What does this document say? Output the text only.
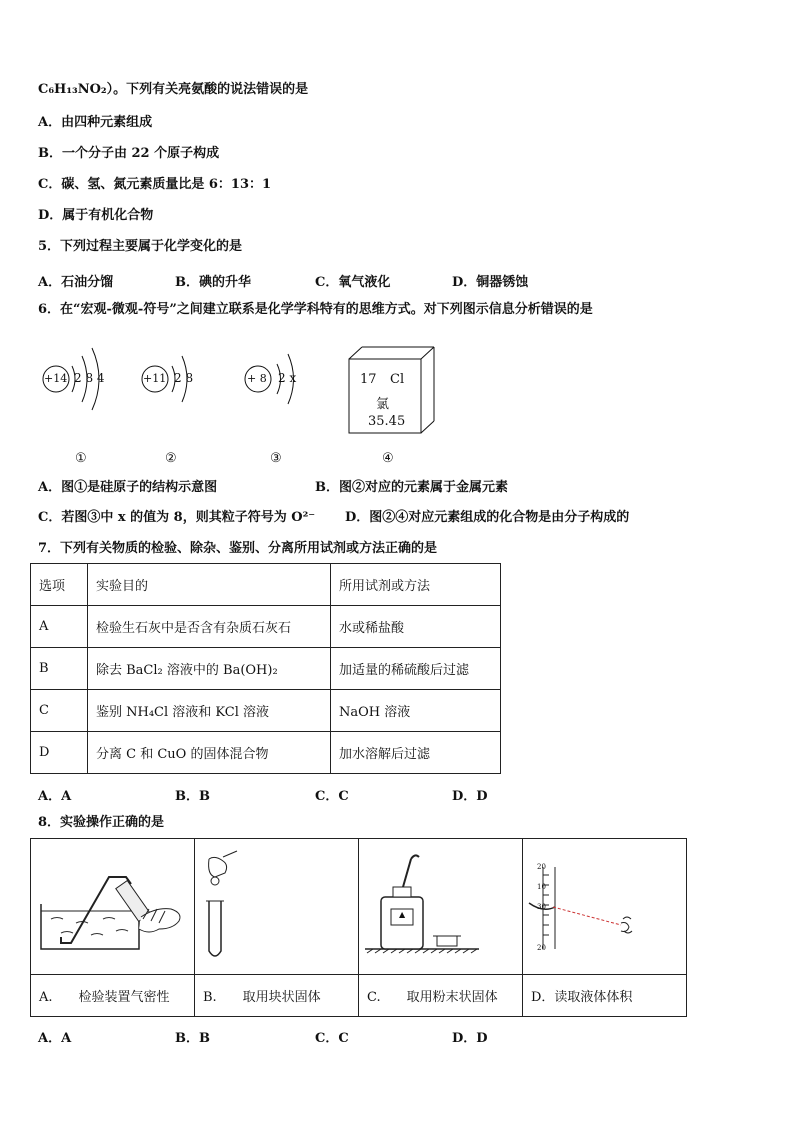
C₆H₁₃NO₂）。下列有关亮氨酸的说法错误的是
A．由四种元素组成
B．一个分子由 22 个原子构成
C．碳、氢、氮元素质量比是 6：13：1
D．属于有机化合物
5．下列过程主要属于化学变化的是
A．石油分馏	B．碘的升华	C．氧气液化	D．铜器锈蚀
6．在“宏观-微观-符号”之间建立联系是化学学科特有的思维方式。对下列图示信息分析错误的是
+14 2 8 4
①
+11 2 8
②
+ 8 2 x
③
17 Cl
氯
35.45
④
A．图①是硅原子的结构示意图	B．图②对应的元素属于金属元素
C．若图③中 x 的值为 8，则其粒子符号为 O²⁻ D．图②④对应元素组成的化合物是由分子构成的
7．下列有关物质的检验、除杂、鉴别、分离所用试剂或方法正确的是
选项	实验目的	所用试剂或方法
A	检验生石灰中是否含有杂质石灰石	水或稀盐酸
B	除去 BaCl₂ 溶液中的 Ba(OH)₂	加适量的稀硫酸后过滤
C	鉴别 NH₄Cl 溶液和 KCl 溶液	NaOH 溶液
D	分离 C 和 CuO 的固体混合物	加水溶解后过滤
A．A	B．B	C．C	D．D
8．实验操作正确的是

▲	20
10
30
20

A.　　检验装置气密性	B.　　取用块状固体	C.　　取用粉末状固体	D．读取液体体积
A．A	B．B	C．C	D．D
